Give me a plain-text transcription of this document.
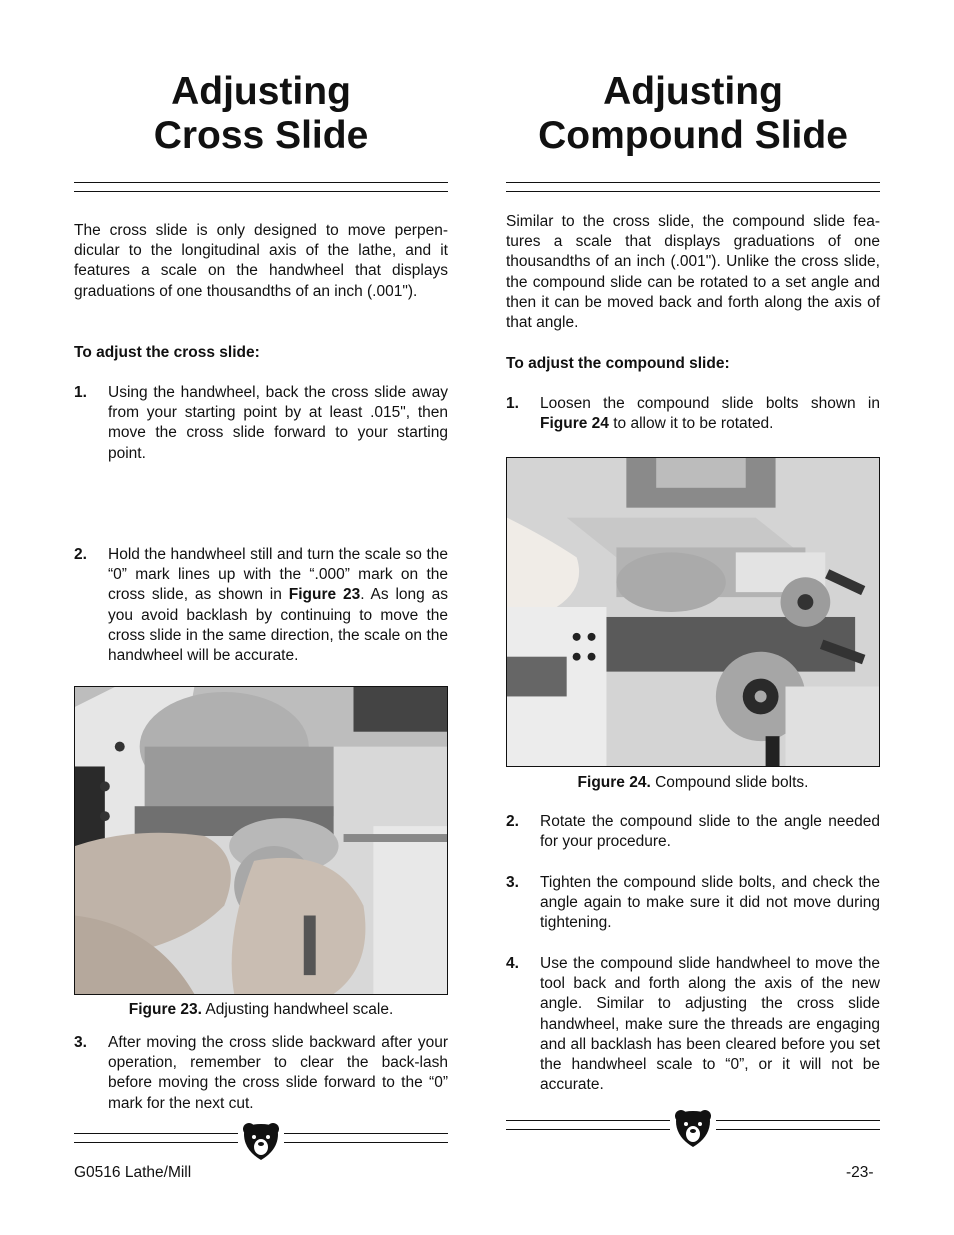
Adjusting
Cross Slide

The cross slide is only designed to move perpen-dicular to the longitudinal axis of the lathe, and it features a scale on the handwheel that displays graduations of one thousandths of an inch (.001").

To adjust the cross slide:

1. Using the handwheel, back the cross slide away from your starting point by at least .015", then move the cross slide forward to your starting point.
2. Hold the handwheel still and turn the scale so the “0” mark lines up with the “.000” mark on the cross slide, as shown in Figure 23. As long as you avoid backlash by continuing to move the cross slide in the same direction, the scale on the handwheel will be accurate.
Figure 23. Adjusting handwheel scale.
3. After moving the cross slide backward after your operation, remember to clear the back-lash before moving the cross slide forward to the “0” mark for the next cut.
Adjusting
Compound Slide

Similar to the cross slide, the compound slide fea-tures a scale that displays graduations of one thousandths of an inch (.001"). Unlike the cross slide, the compound slide can be rotated to a set angle and then it can be moved back and forth along the axis of that angle.

To adjust the compound slide:

1. Loosen the compound slide bolts shown in Figure 24 to allow it to be rotated.
Figure 24. Compound slide bolts.
2. Rotate the compound slide to the angle needed for your procedure.
3. Tighten the compound slide bolts, and check the angle again to make sure it did not move during tightening.
4. Use the compound slide handwheel to move the tool back and forth along the axis of the new angle. Similar to adjusting the cross slide handwheel, make sure the threads are engaging and all backlash has been cleared before you set the handwheel scale to “0”, or it will not be accurate.
G0516 Lathe/Mill	-23-
